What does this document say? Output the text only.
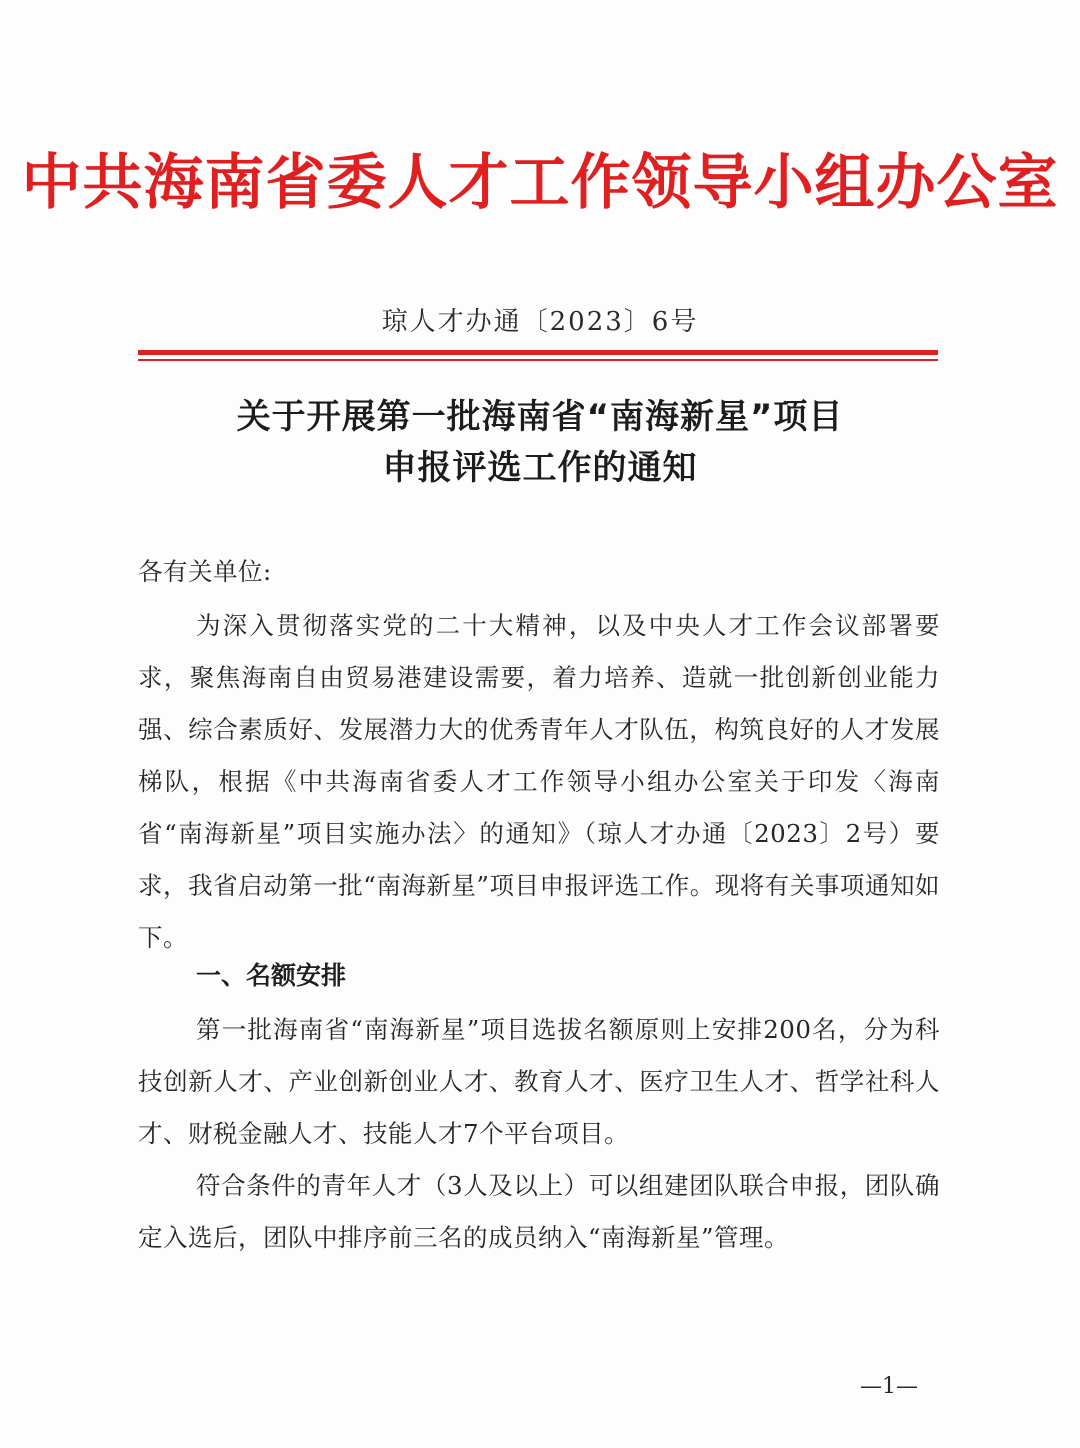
中共海南省委人才工作领导小组办公室
琼人才办通〔2023〕6号
关于开展第一批海南省“南海新星”项目
申报评选工作的通知
各有关单位:
为深入贯彻落实党的二十大精神，以及中央人才工作会议部署要求，聚焦海南自由贸易港建设需要，着力培养、造就一批创新创业能力强、综合素质好、发展潜力大的优秀青年人才队伍，构筑良好的人才发展梯队，根据《中共海南省委人才工作领导小组办公室关于印发〈海南省“南海新星”项目实施办法〉的通知》（琼人才办通〔2023〕2号）要求，我省启动第一批“南海新星”项目申报评选工作。现将有关事项通知如下。
一、名额安排
第一批海南省“南海新星”项目选拔名额原则上安排200名，分为科技创新人才、产业创新创业人才、教育人才、医疗卫生人才、哲学社科人才、财税金融人才、技能人才7个平台项目。
符合条件的青年人才（3人及以上）可以组建团队联合申报，团队确定入选后，团队中排序前三名的成员纳入“南海新星”管理。
—1—
